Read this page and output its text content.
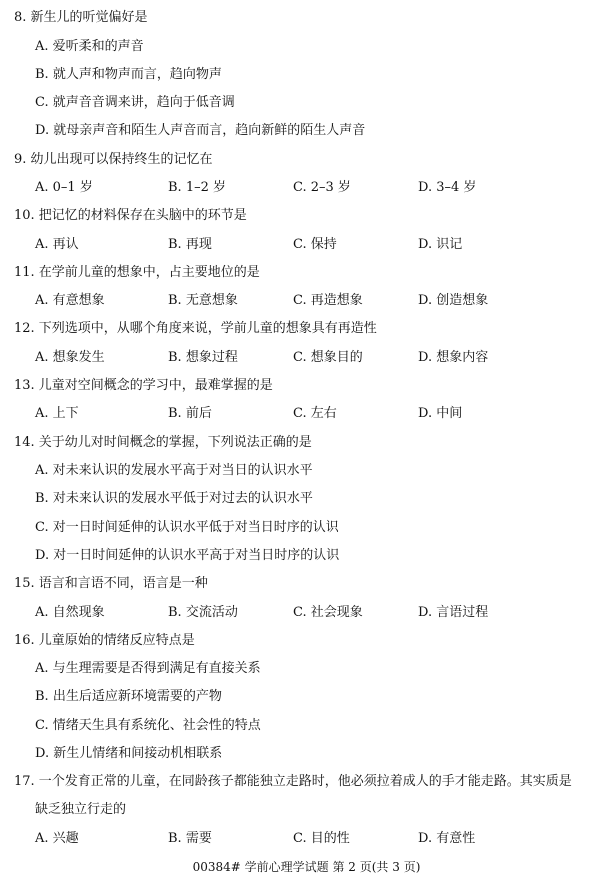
8. 新生儿的听觉偏好是
A. 爱听柔和的声音
B. 就人声和物声而言，趋向物声
C. 就声音音调来讲，趋向于低音调
D. 就母亲声音和陌生人声音而言，趋向新鲜的陌生人声音
9. 幼儿出现可以保持终生的记忆在
A. 0–1 岁	B. 1–2 岁	C. 2–3 岁	D. 3–4 岁
10. 把记忆的材料保存在头脑中的环节是
A. 再认	B. 再现	C. 保持	D. 识记
11. 在学前儿童的想象中，占主要地位的是
A. 有意想象	B. 无意想象	C. 再造想象	D. 创造想象
12. 下列选项中，从哪个角度来说，学前儿童的想象具有再造性
A. 想象发生	B. 想象过程	C. 想象目的	D. 想象内容
13. 儿童对空间概念的学习中，最难掌握的是
A. 上下	B. 前后	C. 左右	D. 中间
14. 关于幼儿对时间概念的掌握，下列说法正确的是
A. 对未来认识的发展水平高于对当日的认识水平
B. 对未来认识的发展水平低于对过去的认识水平
C. 对一日时间延伸的认识水平低于对当日时序的认识
D. 对一日时间延伸的认识水平高于对当日时序的认识
15. 语言和言语不同，语言是一种
A. 自然现象	B. 交流活动	C. 社会现象	D. 言语过程
16. 儿童原始的情绪反应特点是
A. 与生理需要是否得到满足有直接关系
B. 出生后适应新环境需要的产物
C. 情绪天生具有系统化、社会性的特点
D. 新生儿情绪和间接动机相联系
17. 一个发育正常的儿童，在同龄孩子都能独立走路时，他必须拉着成人的手才能走路。其实质是
缺乏独立行走的
A. 兴趣	B. 需要	C. 目的性	D. 有意性
00384# 学前心理学试题 第 2 页(共 3 页)
